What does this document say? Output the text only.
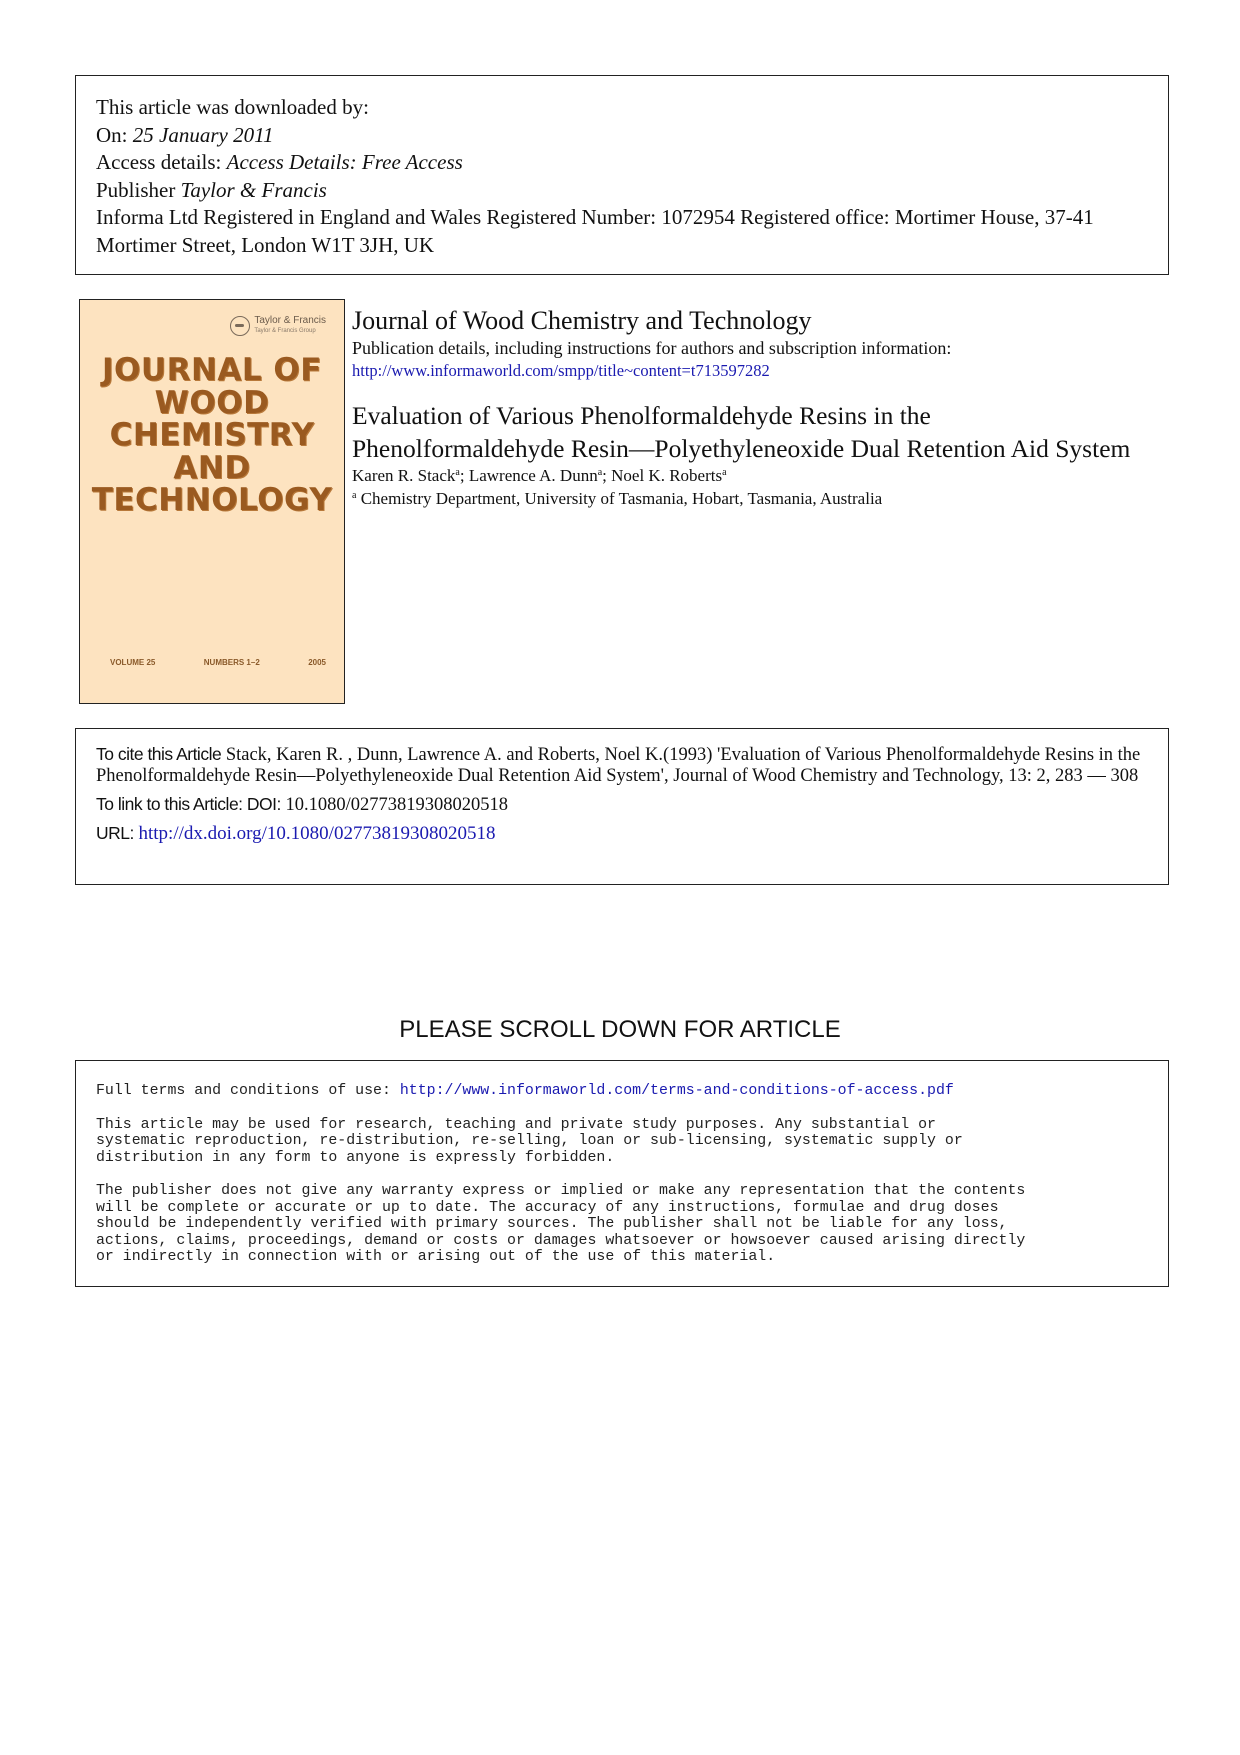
This article was downloaded by:
On: 25 January 2011
Access details: Access Details: Free Access
Publisher Taylor & Francis
Informa Ltd Registered in England and Wales Registered Number: 1072954 Registered office: Mortimer House, 37-41 Mortimer Street, London W1T 3JH, UK
Taylor & Francis
Taylor & Francis Group
JOURNAL OF
WOOD
CHEMISTRY
AND
TECHNOLOGY
VOLUME 25	NUMBERS 1–2	2005
Journal of Wood Chemistry and Technology
Publication details, including instructions for authors and subscription information:
http://www.informaworld.com/smpp/title~content=t713597282
Evaluation of Various Phenolformaldehyde Resins in the
Phenolformaldehyde Resin—Polyethyleneoxide Dual Retention Aid System
Karen R. Stack$^a$; Lawrence A. Dunn$^a$; Noel K. Roberts$^a$
$^a$ Chemistry Department, University of Tasmania, Hobart, Tasmania, Australia
To cite this Article Stack, Karen R. , Dunn, Lawrence A. and Roberts, Noel K.(1993) 'Evaluation of Various Phenolformaldehyde Resins in the Phenolformaldehyde Resin—Polyethyleneoxide Dual Retention Aid System', Journal of Wood Chemistry and Technology, 13: 2, 283 — 308
To link to this Article: DOI: 10.1080/02773819308020518
URL: http://dx.doi.org/10.1080/02773819308020518
PLEASE SCROLL DOWN FOR ARTICLE

Full terms and conditions of use: http://www.informaworld.com/terms-and-conditions-of-access.pdf

This article may be used for research, teaching and private study purposes. Any substantial or
systematic reproduction, re-distribution, re-selling, loan or sub-licensing, systematic supply or
distribution in any form to anyone is expressly forbidden.

The publisher does not give any warranty express or implied or make any representation that the contents
will be complete or accurate or up to date. The accuracy of any instructions, formulae and drug doses
should be independently verified with primary sources. The publisher shall not be liable for any loss,
actions, claims, proceedings, demand or costs or damages whatsoever or howsoever caused arising directly
or indirectly in connection with or arising out of the use of this material.
